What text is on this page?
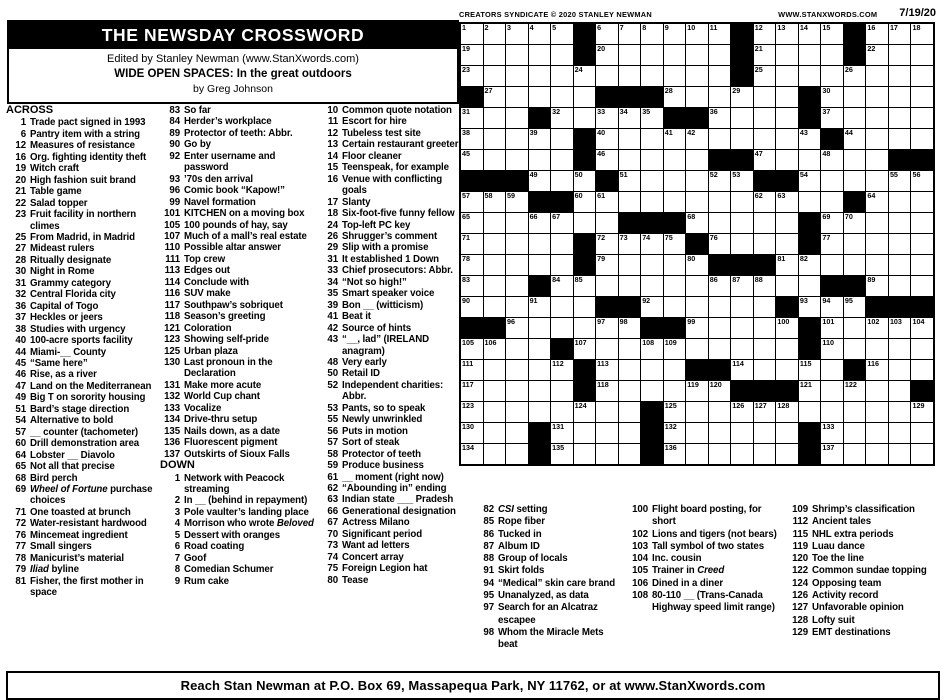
CREATORS SYNDICATE © 2020 STANLEY NEWMAN	WWW.STANXWORDS.COM 7/19/20
THE NEWSDAY CROSSWORD
Edited by Stanley Newman (www.StanXwords.com)
WIDE OPEN SPACES: In the great outdoors
by Greg Johnson
1	2	3	4	5	6	7	8	9	10 11	12 13 14 15	16 17 18
19	20	21	22
23	24	25	26
27	28	29	30
31	32	33 34 35	36	37
38	39	40	41 42	43	44
45	46	47	48
49	50	51	52 53	54	55 56
57 58 59	60 61	62 63	64
65	66 67	68	69 70
71	72 73 74 75	76	77
78	79	80	81 82
83	84 85	86 87 88	89
90	91	92	93 94 95
96	97 98	99	100	101	102 103 104
105 106	107	108 109	110
111	112	113	114	115	116
117	118	119 120	121	122
123	124	125	126 127 128	129
130	131	132	133
134	135	136	137
ACROSS
1 Trade pact signed in 1993
6 Pantry item with a string
12 Measures of resistance
16 Org. fighting identity theft
19 Witch craft
20 High fashion suit brand
21 Table game
22 Salad topper
23 Fruit facility in northern climes
25 From Madrid, in Madrid
27 Mideast rulers
28 Ritually designate
30 Night in Rome
31 Grammy category
32 Central Florida city
36 Capital of Togo
37 Heckles or jeers
38 Studies with urgency
40 100-acre sports facility
44 Miami-__ County
45 “Same here”
46 Rise, as a river
47 Land on the Mediterranean
49 Big T on sorority housing
51 Bard’s stage direction
54 Alternative to bold
57 __ counter (tachometer)
60 Drill demonstration area
64 Lobster __ Diavolo
65 Not all that precise
68 Bird perch
69 Wheel of Fortune purchase choices
71 One toasted at brunch
72 Water-resistant hardwood
76 Mincemeat ingredient
77 Small singers
78 Manicurist’s material
79 Iliad byline
81 Fisher, the first mother in space
83 So far
84 Herder’s workplace
89 Protector of teeth: Abbr.
90 Go by
92 Enter username and password
93 ’70s den arrival
96 Comic book “Kapow!”
99 Navel formation
101 KITCHEN on a moving box
105 100 pounds of hay, say
107 Much of a mall’s real estate
110 Possible altar answer
111 Top crew
113 Edges out
114 Conclude with
116 SUV make
117 Southpaw’s sobriquet
118 Season’s greeting
121 Coloration
123 Showing self-pride
125 Urban plaza
130 Last pronoun in the Declaration
131 Make more acute
132 World Cup chant
133 Vocalize
134 Drive-thru setup
135 Nails down, as a date
136 Fluorescent pigment
137 Outskirts of Sioux Falls
DOWN
1 Network with Peacock streaming
2 In __ (behind in repayment)
3 Pole vaulter’s landing place
4 Morrison who wrote Beloved
5 Dessert with oranges
6 Road coating
7 Goof
8 Comedian Schumer
9 Rum cake
10 Common quote notation
11 Escort for hire
12 Tubeless test site
13 Certain restaurant greeter
14 Floor cleaner
15 Teenspeak, for example
16 Venue with conflicting goals
17 Slanty
18 Six-foot-five funny fellow
24 Top-left PC key
26 Shrugger’s comment
29 Slip with a promise
31 It established 1 Down
33 Chief prosecutors: Abbr.
34 “Not so high!”
35 Smart speaker voice
39 Bon __ (witticism)
41 Beat it
42 Source of hints
43 “__, lad” (IRELAND anagram)
48 Very early
50 Retail ID
52 Independent charities: Abbr.
53 Pants, so to speak
55 Newly unwrinkled
56 Puts in motion
57 Sort of steak
58 Protector of teeth
59 Produce business
61 __ moment (right now)
62 “Abounding in” ending
63 Indian state ___ Pradesh
66 Generational designation
67 Actress Milano
70 Significant period
73 Want ad letters
74 Concert array
75 Foreign Legion hat
80 Tease
82 CSI setting
85 Rope fiber
86 Tucked in
87 Album ID
88 Group of locals
91 Skirt folds
94 “Medical” skin care brand
95 Unanalyzed, as data
97 Search for an Alcatraz escapee
98 Whom the Miracle Mets beat
100 Flight board posting, for short
102 Lions and tigers (not bears)
103 Tall symbol of two states
104 Inc. cousin
105 Trainer in Creed
106 Dined in a diner
108 80-110 __ (Trans-Canada Highway speed limit range)
109 Shrimp’s classification
112 Ancient tales
115 NHL extra periods
119 Luau dance
120 Toe the line
122 Common sundae topping
124 Opposing team
126 Activity record
127 Unfavorable opinion
128 Lofty suit
129 EMT destinations
Reach Stan Newman at P.O. Box 69, Massapequa Park, NY 11762, or at www.StanXwords.com
